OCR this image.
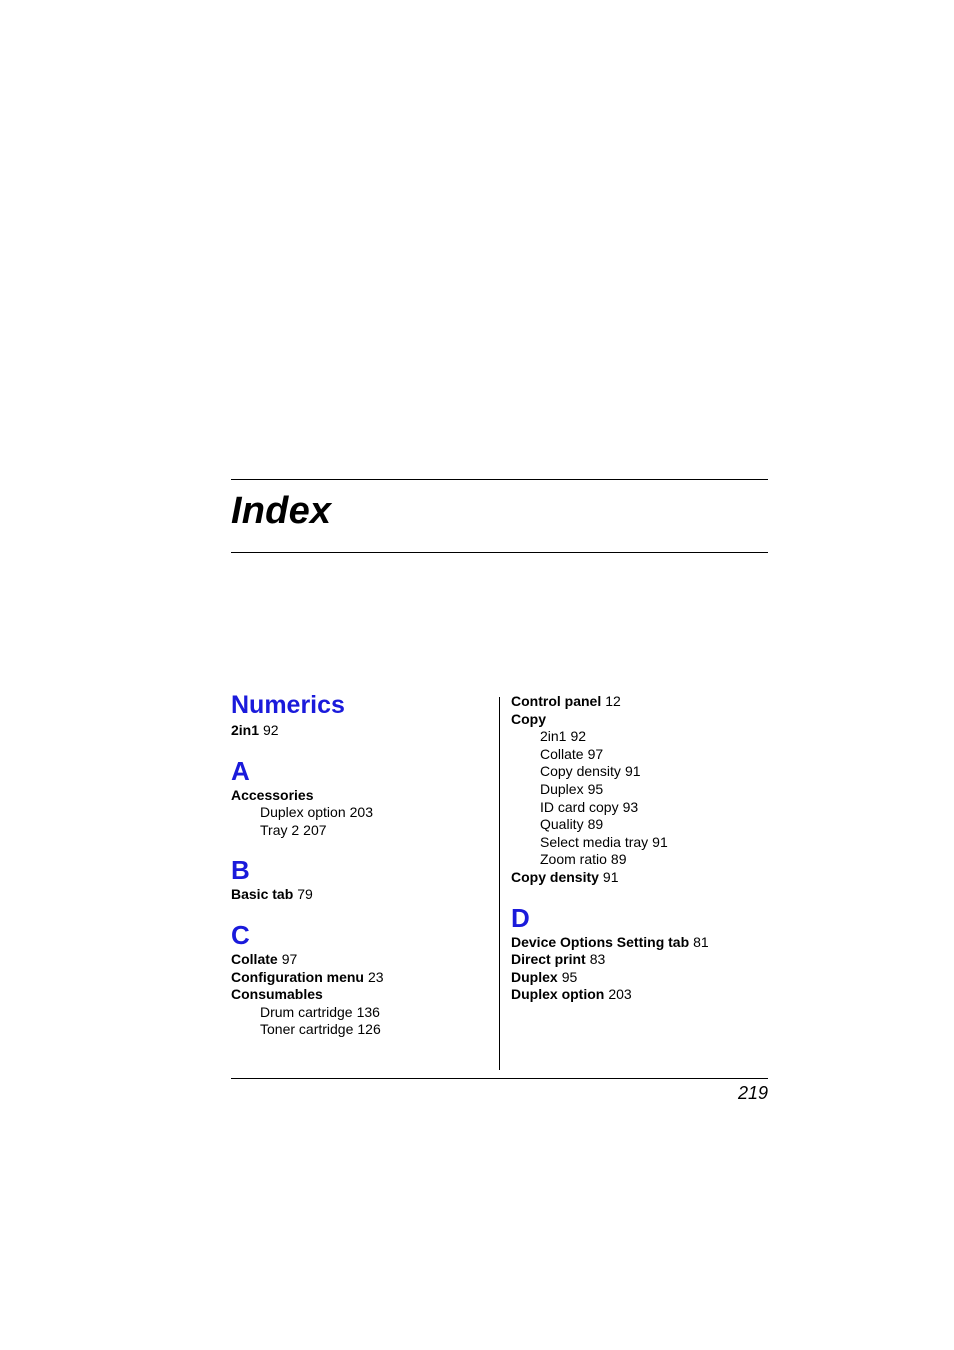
Index
Numerics
2in1 92
A
Accessories
Duplex option 203
Tray 2 207
B
Basic tab 79
C
Collate 97
Configuration menu 23
Consumables
Drum cartridge 136
Toner cartridge 126
Control panel 12
Copy
2in1 92
Collate 97
Copy density 91
Duplex 95
ID card copy 93
Quality 89
Select media tray 91
Zoom ratio 89
Copy density 91
D
Device Options Setting tab 81
Direct print 83
Duplex 95
Duplex option 203
219
